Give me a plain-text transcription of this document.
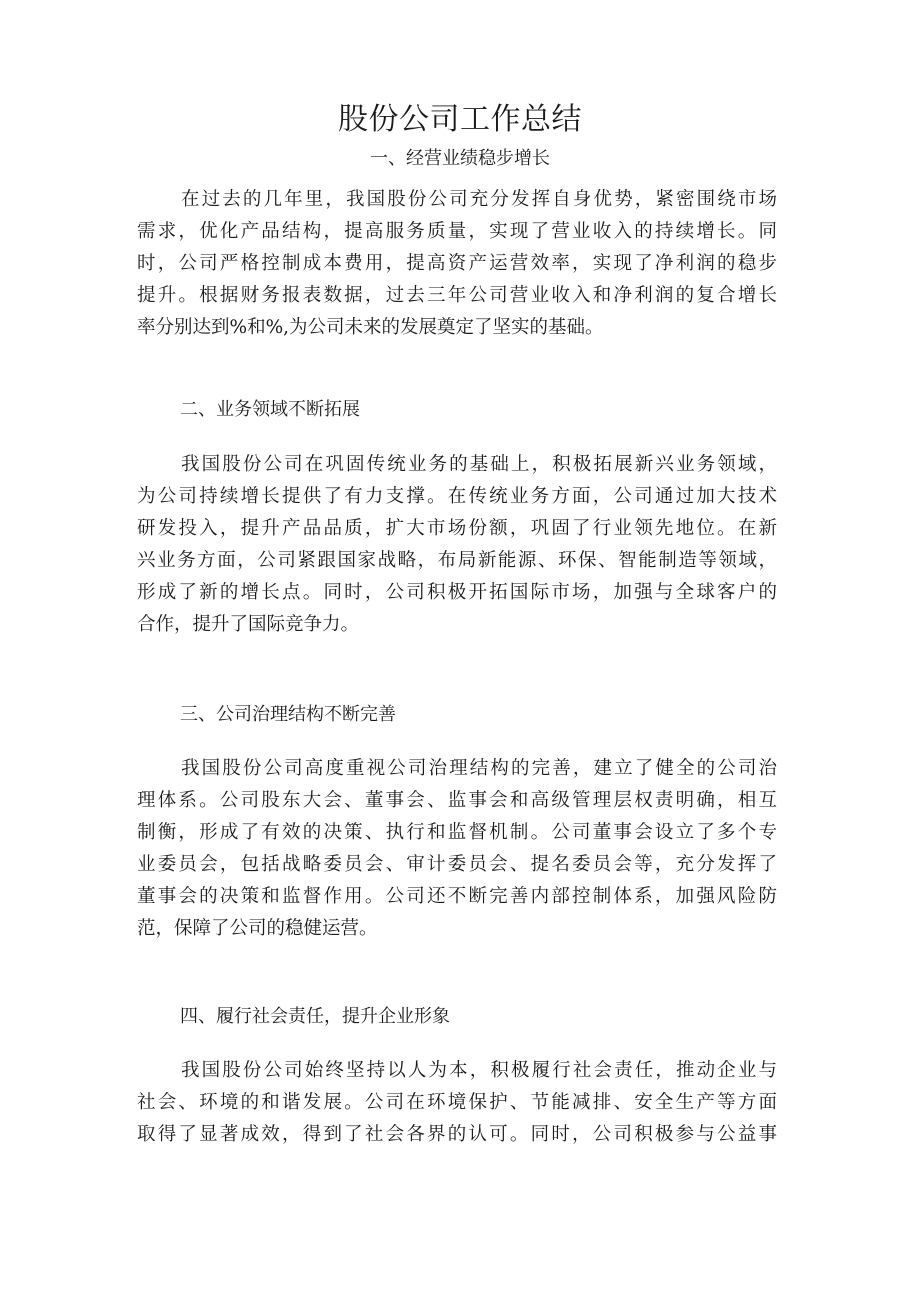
股份公司工作总结
一、经营业绩稳步增长
在过去的几年里，我国股份公司充分发挥自身优势，紧密围绕市场
需求，优化产品结构，提高服务质量，实现了营业收入的持续增长。同
时，公司严格控制成本费用，提高资产运营效率，实现了净利润的稳步
提升。根据财务报表数据，过去三年公司营业收入和净利润的复合增长
率分别达到%和%,为公司未来的发展奠定了坚实的基础。
二、业务领域不断拓展
我国股份公司在巩固传统业务的基础上，积极拓展新兴业务领域，
为公司持续增长提供了有力支撑。在传统业务方面，公司通过加大技术
研发投入，提升产品品质，扩大市场份额，巩固了行业领先地位。在新
兴业务方面，公司紧跟国家战略，布局新能源、环保、智能制造等领域，
形成了新的增长点。同时，公司积极开拓国际市场，加强与全球客户的
合作，提升了国际竞争力。
三、公司治理结构不断完善
我国股份公司高度重视公司治理结构的完善，建立了健全的公司治
理体系。公司股东大会、董事会、监事会和高级管理层权责明确，相互
制衡，形成了有效的决策、执行和监督机制。公司董事会设立了多个专
业委员会，包括战略委员会、审计委员会、提名委员会等，充分发挥了
董事会的决策和监督作用。公司还不断完善内部控制体系，加强风险防
范，保障了公司的稳健运营。
四、履行社会责任，提升企业形象
我国股份公司始终坚持以人为本，积极履行社会责任，推动企业与
社会、环境的和谐发展。公司在环境保护、节能减排、安全生产等方面
取得了显著成效，得到了社会各界的认可。同时，公司积极参与公益事
